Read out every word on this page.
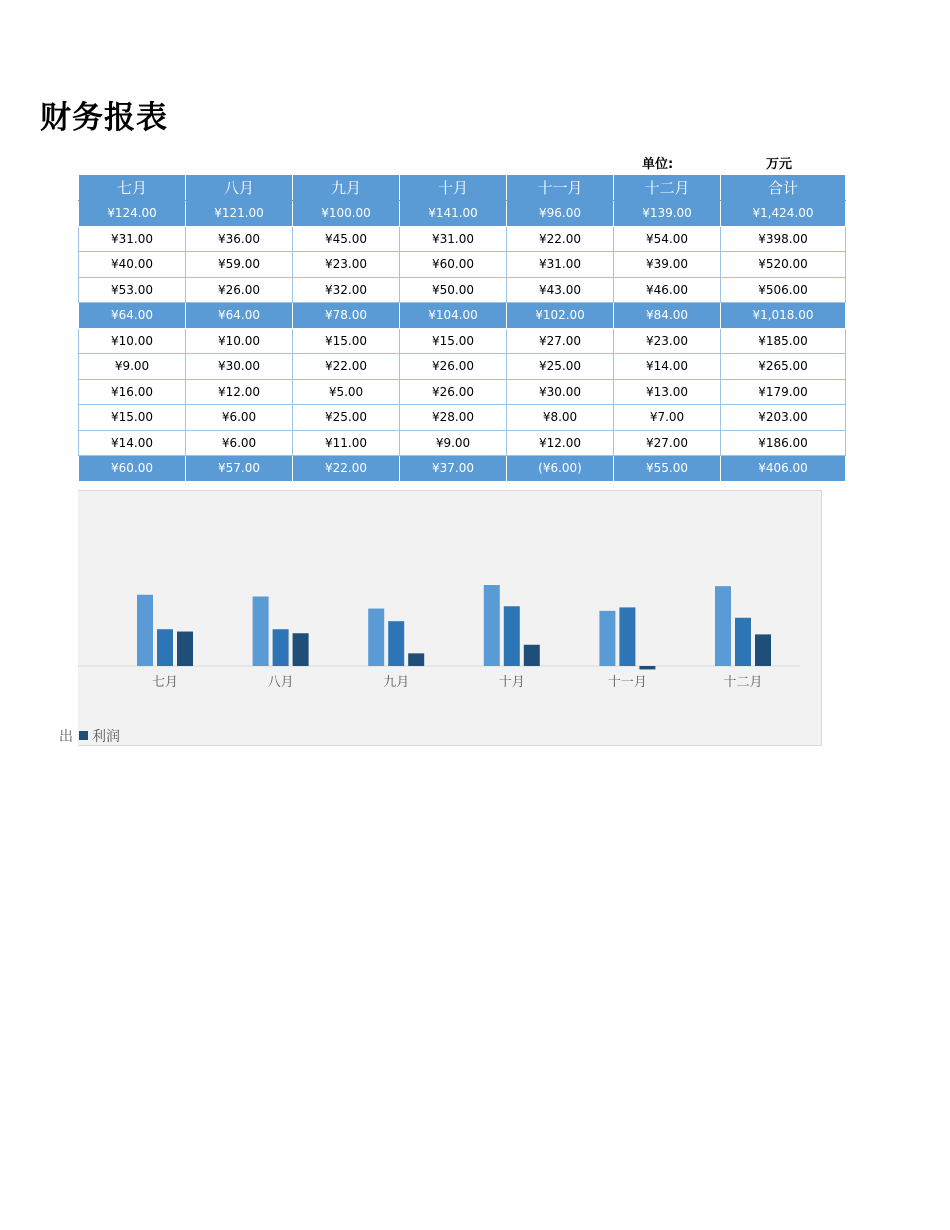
财务报表
单位:	万元
七月	八月	九月	十月	十一月	十二月	合计
¥124.00	¥121.00	¥100.00	¥141.00	¥96.00	¥139.00	¥1,424.00
¥31.00	¥36.00	¥45.00	¥31.00	¥22.00	¥54.00	¥398.00
¥40.00	¥59.00	¥23.00	¥60.00	¥31.00	¥39.00	¥520.00
¥53.00	¥26.00	¥32.00	¥50.00	¥43.00	¥46.00	¥506.00
¥64.00	¥64.00	¥78.00	¥104.00	¥102.00	¥84.00	¥1,018.00
¥10.00	¥10.00	¥15.00	¥15.00	¥27.00	¥23.00	¥185.00
¥9.00	¥30.00	¥22.00	¥26.00	¥25.00	¥14.00	¥265.00
¥16.00	¥12.00	¥5.00	¥26.00	¥30.00	¥13.00	¥179.00
¥15.00	¥6.00	¥25.00	¥28.00	¥8.00	¥7.00	¥203.00
¥14.00	¥6.00	¥11.00	¥9.00	¥12.00	¥27.00	¥186.00
¥60.00	¥57.00	¥22.00	¥37.00	(¥6.00)	¥55.00	¥406.00
七月	八月	九月	十月	十一月	十二月
出 利润
